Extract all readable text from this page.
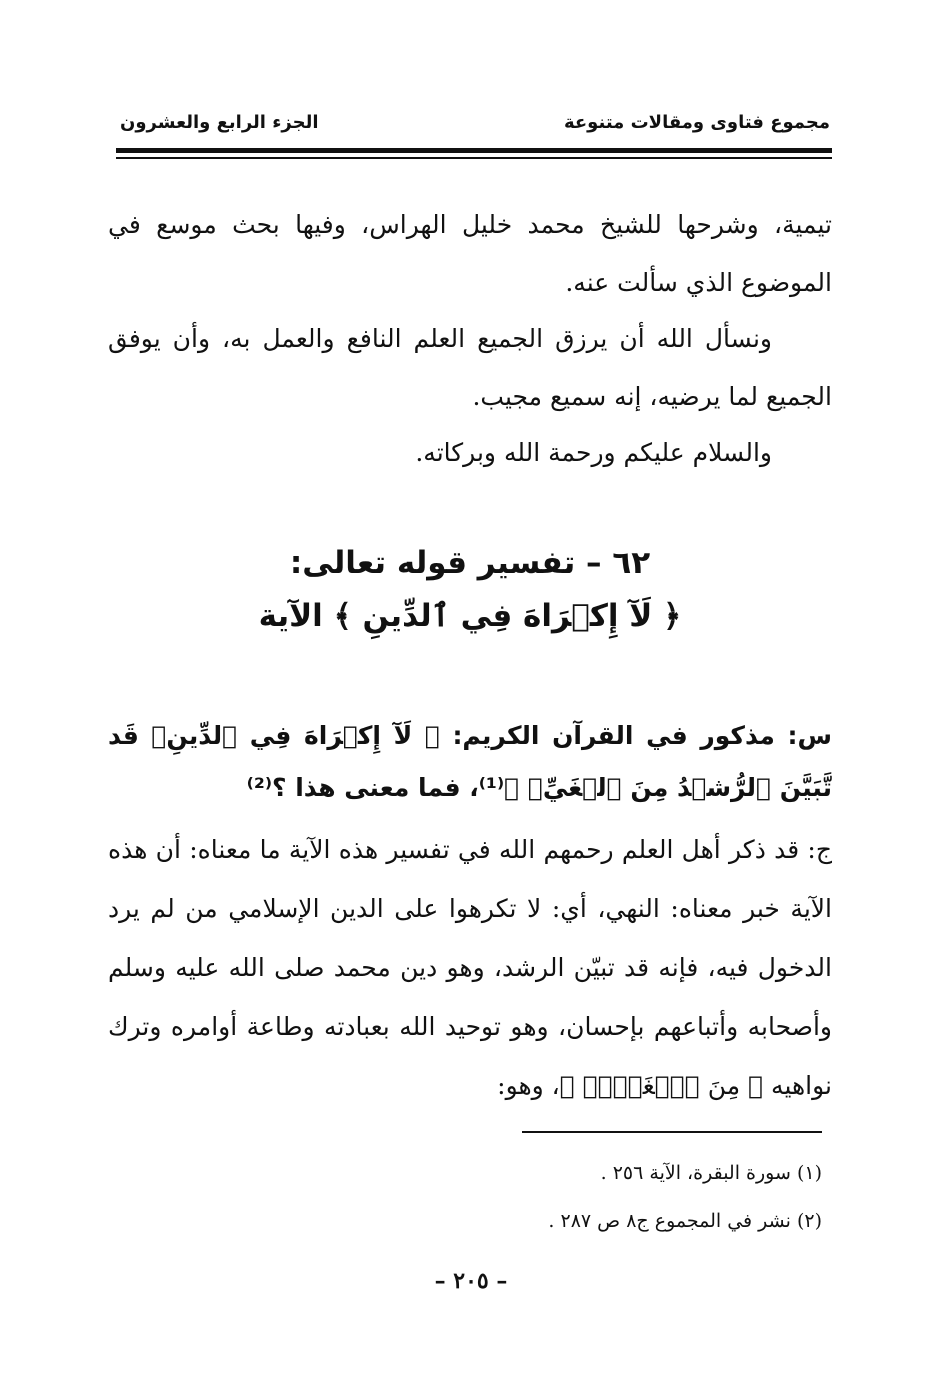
مجموع فتاوى ومقالات متنوعة
الجزء الرابع والعشرون
تيمية، وشرحها للشيخ محمد خليل الهراس، وفيها بحث موسع في الموضوع الذي سألت عنه.
ونسأل الله أن يرزق الجميع العلم النافع والعمل به، وأن يوفق الجميع لما يرضيه، إنه سميع مجيب.
والسلام عليكم ورحمة الله وبركاته.
٦٢ – تفسير قوله تعالى:
﴿ لَآ إِكۡرَاهَ فِي ٱلدِّينِ ﴾ الآية
س: مذكور في القرآن الكريم: ﴿ لَآ إِكۡرَاهَ فِي ٱلدِّينِۖ قَد تَّبَيَّنَ ٱلرُّشۡدُ مِنَ ٱلۡغَيِّۚ ﴾⁽¹⁾، فما معنى هذا ؟⁽²⁾
ج: قد ذكر أهل العلم رحمهم الله في تفسير هذه الآية ما معناه: أن هذه الآية خبر معناه: النهي، أي: لا تكرهوا على الدين الإسلامي من لم يرد الدخول فيه، فإنه قد تبيّن الرشد، وهو دين محمد صلى الله عليه وسلم وأصحابه وأتباعهم بإحسان، وهو توحيد الله بعبادته وطاعة أوامره وترك نواهيه ﴿ مِنَ ٱلۡغَيِّۚ ﴾، وهو:
(١) سورة البقرة، الآية ٢٥٦ .
(٢) نشر في المجموع ج٨ ص ٢٨٧ .
– ٢٠٥ –
